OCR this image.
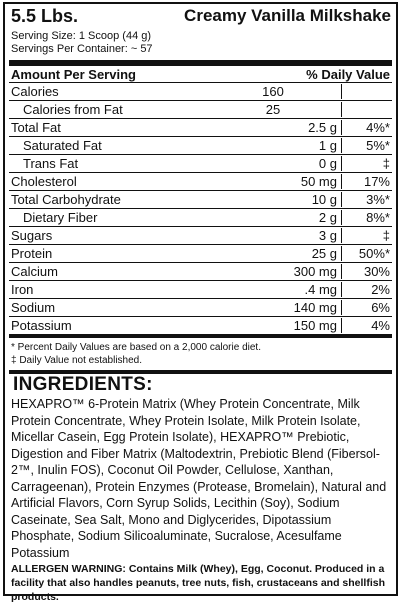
5.5 Lbs.	Creamy Vanilla Milkshake
Serving Size: 1 Scoop (44 g)
Servings Per Container: ~ 57
Amount Per Serving	% Daily Value
Calories	160
Calories from Fat	25
Total Fat	2.5 g	4%*
Saturated Fat	1 g	5%*
Trans Fat	0 g	‡
Cholesterol	50 mg	17%
Total Carbohydrate	10 g	3%*
Dietary Fiber	2 g	8%*
Sugars	3 g	‡
Protein	25 g	50%*
Calcium	300 mg	30%
Iron	.4 mg	2%
Sodium	140 mg	6%
Potassium	150 mg	4%
* Percent Daily Values are based on a 2,000 calorie diet.
‡ Daily Value not established.
INGREDIENTS:
HEXAPRO™ 6-Protein Matrix (Whey Protein Concentrate, Milk Protein Concentrate, Whey Protein Isolate, Milk Protein Isolate, Micellar Casein, Egg Protein Isolate), HEXAPRO™ Prebiotic, Digestion and Fiber Matrix (Maltodextrin, Prebiotic Blend (Fibersol-2™, Inulin FOS), Coconut Oil Powder, Cellulose, Xanthan, Carrageenan), Protein Enzymes (Protease, Bromelain), Natural and Artificial Flavors, Corn Syrup Solids, Lecithin (Soy), Sodium Caseinate, Sea Salt, Mono and Diglycerides, Dipotassium Phosphate, Sodium Silicoaluminate, Sucralose, Acesulfame Potassium
ALLERGEN WARNING: Contains Milk (Whey), Egg, Coconut. Produced in a facility that also handles peanuts, tree nuts, fish, crustaceans and shellfish products.
